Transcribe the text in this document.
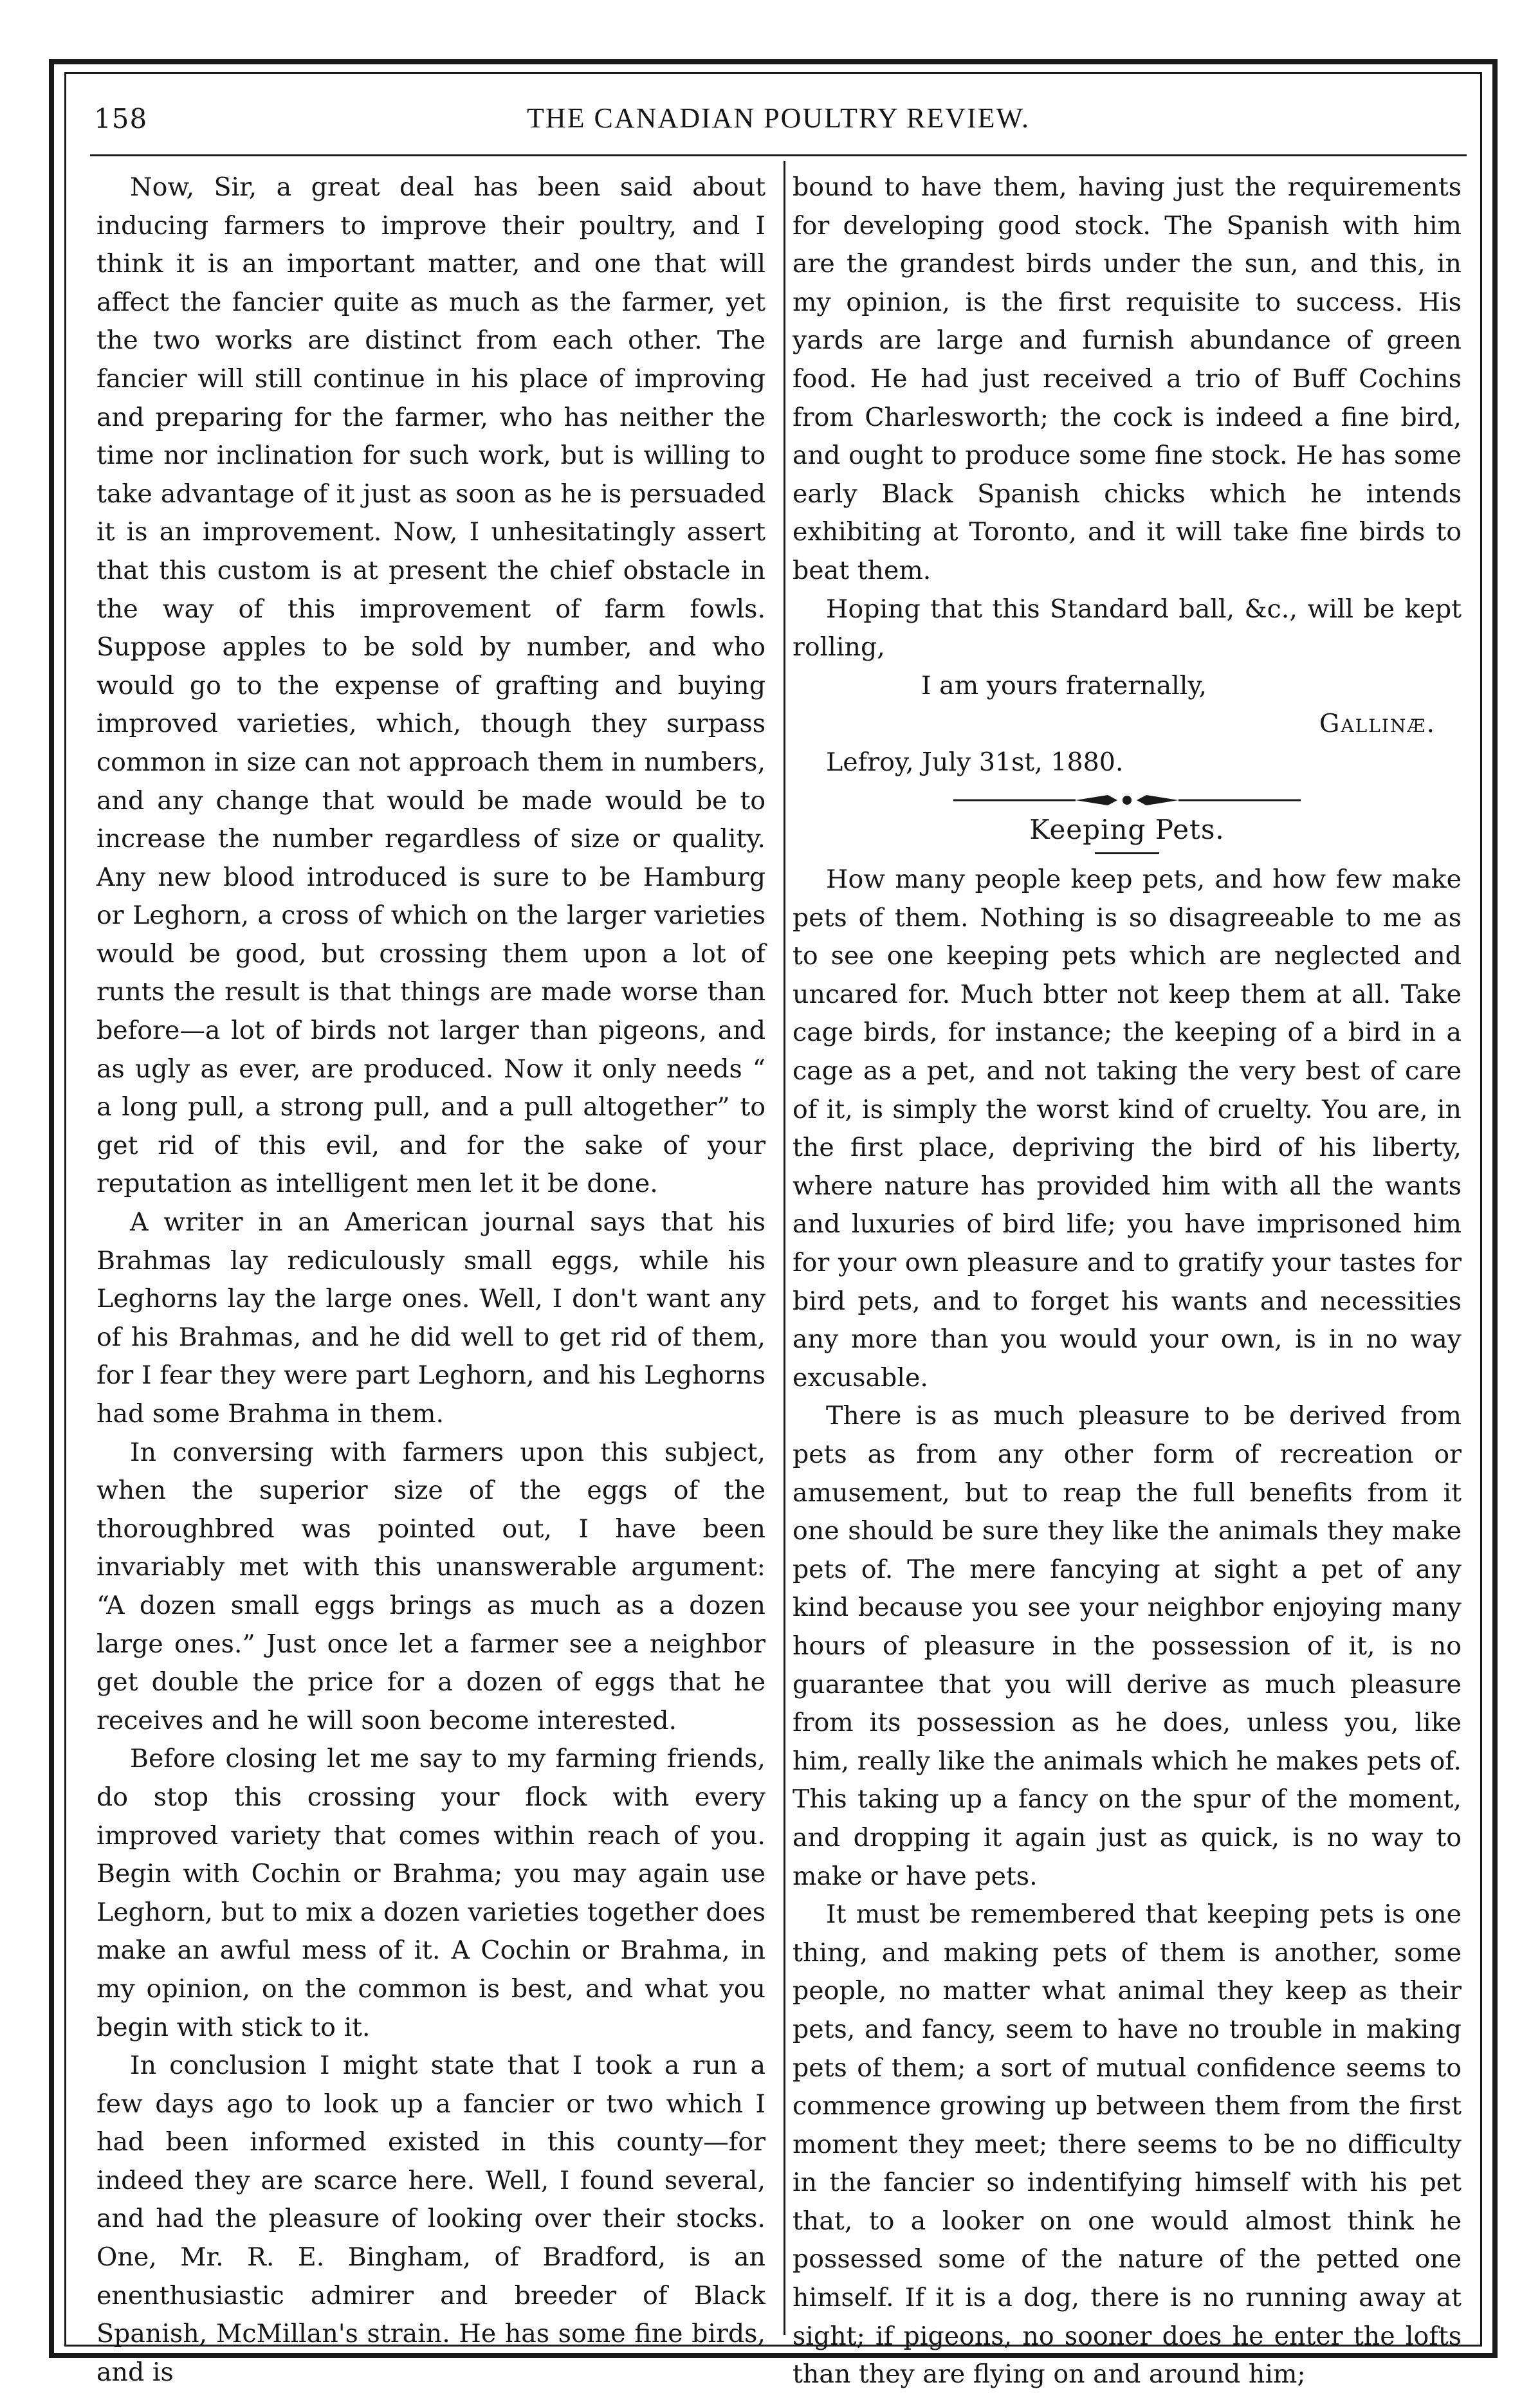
158	THE CANADIAN POULTRY REVIEW.

Now, Sir, a great deal has been said about inducing farmers to improve their poultry, and I think it is an important matter, and one that will affect the fancier quite as much as the farmer, yet the two works are distinct from each other. The fancier will still continue in his place of improving and preparing for the farmer, who has neither the time nor inclination for such work, but is willing to take advantage of it just as soon as he is persuaded it is an improvement. Now, I unhesitatingly assert that this custom is at present the chief obstacle in the way of this improvement of farm fowls. Suppose apples to be sold by number, and who would go to the expense of grafting and buying improved varieties, which, though they surpass common in size can not approach them in numbers, and any change that would be made would be to increase the number regardless of size or quality. Any new blood introduced is sure to be Hamburg or Leghorn, a cross of which on the larger varieties would be good, but crossing them upon a lot of runts the result is that things are made worse than before—a lot of birds not larger than pigeons, and as ugly as ever, are produced. Now it only needs “ a long pull, a strong pull, and a pull altogether” to get rid of this evil, and for the sake of your reputation as intelligent men let it be done.

A writer in an American journal says that his Brahmas lay rediculously small eggs, while his Leghorns lay the large ones. Well, I don't want any of his Brahmas, and he did well to get rid of them, for I fear they were part Leghorn, and his Leghorns had some Brahma in them.

In conversing with farmers upon this subject, when the superior size of the eggs of the thoroughbred was pointed out, I have been invariably met with this unanswerable argument: “A dozen small eggs brings as much as a dozen large ones.” Just once let a farmer see a neighbor get double the price for a dozen of eggs that he receives and he will soon become interested.

Before closing let me say to my farming friends, do stop this crossing your flock with every improved variety that comes within reach of you. Begin with Cochin or Brahma; you may again use Leghorn, but to mix a dozen varieties together does make an awful mess of it. A Cochin or Brahma, in my opinion, on the common is best, and what you begin with stick to it.

In conclusion I might state that I took a run a few days ago to look up a fancier or two which I had been informed existed in this county—for indeed they are scarce here. Well, I found several, and had the pleasure of looking over their stocks. One, Mr. R. E. Bingham, of Bradford, is an enenthusiastic admirer and breeder of Black Spanish, McMillan's strain. He has some fine birds, and is

bound to have them, having just the requirements for developing good stock. The Spanish with him are the grandest birds under the sun, and this, in my opinion, is the first requisite to success. His yards are large and furnish abundance of green food. He had just received a trio of Buff Cochins from Charlesworth; the cock is indeed a fine bird, and ought to produce some fine stock. He has some early Black Spanish chicks which he intends exhibiting at Toronto, and it will take fine birds to beat them.

Hoping that this Standard ball, &c., will be kept rolling,

I am yours fraternally,
Gallinæ.
Lefroy, July 31st, 1880.
Keeping Pets.

How many people keep pets, and how few make pets of them. Nothing is so disagreeable to me as to see one keeping pets which are neglected and uncared for. Much btter not keep them at all. Take cage birds, for instance; the keeping of a bird in a cage as a pet, and not taking the very best of care of it, is simply the worst kind of cruelty. You are, in the first place, depriving the bird of his liberty, where nature has provided him with all the wants and luxuries of bird life; you have imprisoned him for your own pleasure and to gratify your tastes for bird pets, and to forget his wants and necessities any more than you would your own, is in no way excusable.

There is as much pleasure to be derived from pets as from any other form of recreation or amusement, but to reap the full benefits from it one should be sure they like the animals they make pets of. The mere fancying at sight a pet of any kind because you see your neighbor enjoying many hours of pleasure in the possession of it, is no guarantee that you will derive as much pleasure from its possession as he does, unless you, like him, really like the animals which he makes pets of. This taking up a fancy on the spur of the moment, and dropping it again just as quick, is no way to make or have pets.

It must be remembered that keeping pets is one thing, and making pets of them is another, some people, no matter what animal they keep as their pets, and fancy, seem to have no trouble in making pets of them; a sort of mutual confidence seems to commence growing up between them from the first moment they meet; there seems to be no difficulty in the fancier so indentifying himself with his pet that, to a looker on one would almost think he possessed some of the nature of the petted one himself. If it is a dog, there is no running away at sight; if pigeons, no sooner does he enter the lofts than they are flying on and around him;
